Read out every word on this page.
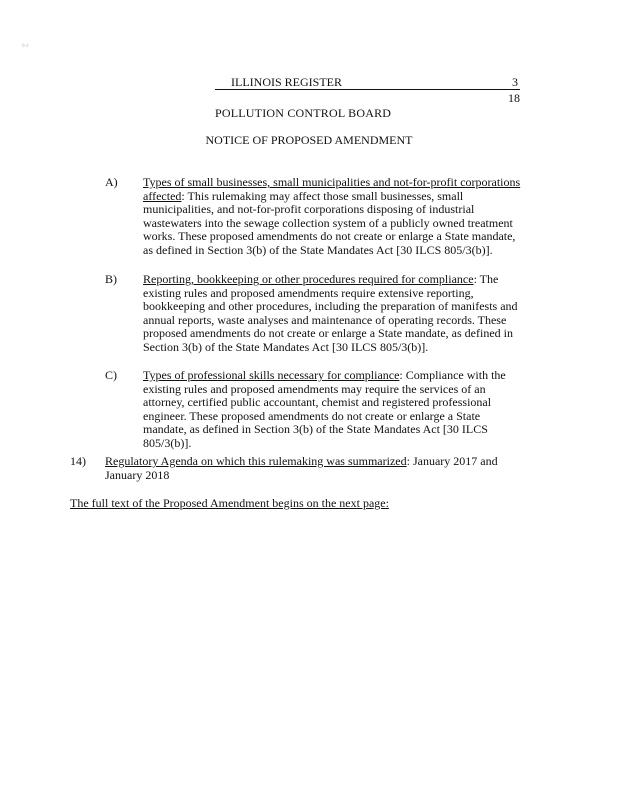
0-4
ILLINOIS REGISTER	3
18
POLLUTION CONTROL BOARD
NOTICE OF PROPOSED AMENDMENT
A) Types of small businesses, small municipalities and not-for-profit corporations affected: This rulemaking may affect those small businesses, small municipalities, and not-for-profit corporations disposing of industrial wastewaters into the sewage collection system of a publicly owned treatment works. These proposed amendments do not create or enlarge a State mandate, as defined in Section 3(b) of the State Mandates Act [30 ILCS 805/3(b)].
B) Reporting, bookkeeping or other procedures required for compliance: The existing rules and proposed amendments require extensive reporting, bookkeeping and other procedures, including the preparation of manifests and annual reports, waste analyses and maintenance of operating records. These proposed amendments do not create or enlarge a State mandate, as defined in Section 3(b) of the State Mandates Act [30 ILCS 805/3(b)].
C) Types of professional skills necessary for compliance: Compliance with the existing rules and proposed amendments may require the services of an attorney, certified public accountant, chemist and registered professional engineer. These proposed amendments do not create or enlarge a State mandate, as defined in Section 3(b) of the State Mandates Act [30 ILCS 805/3(b)].
14) Regulatory Agenda on which this rulemaking was summarized: January 2017 and January 2018
The full text of the Proposed Amendment begins on the next page:
